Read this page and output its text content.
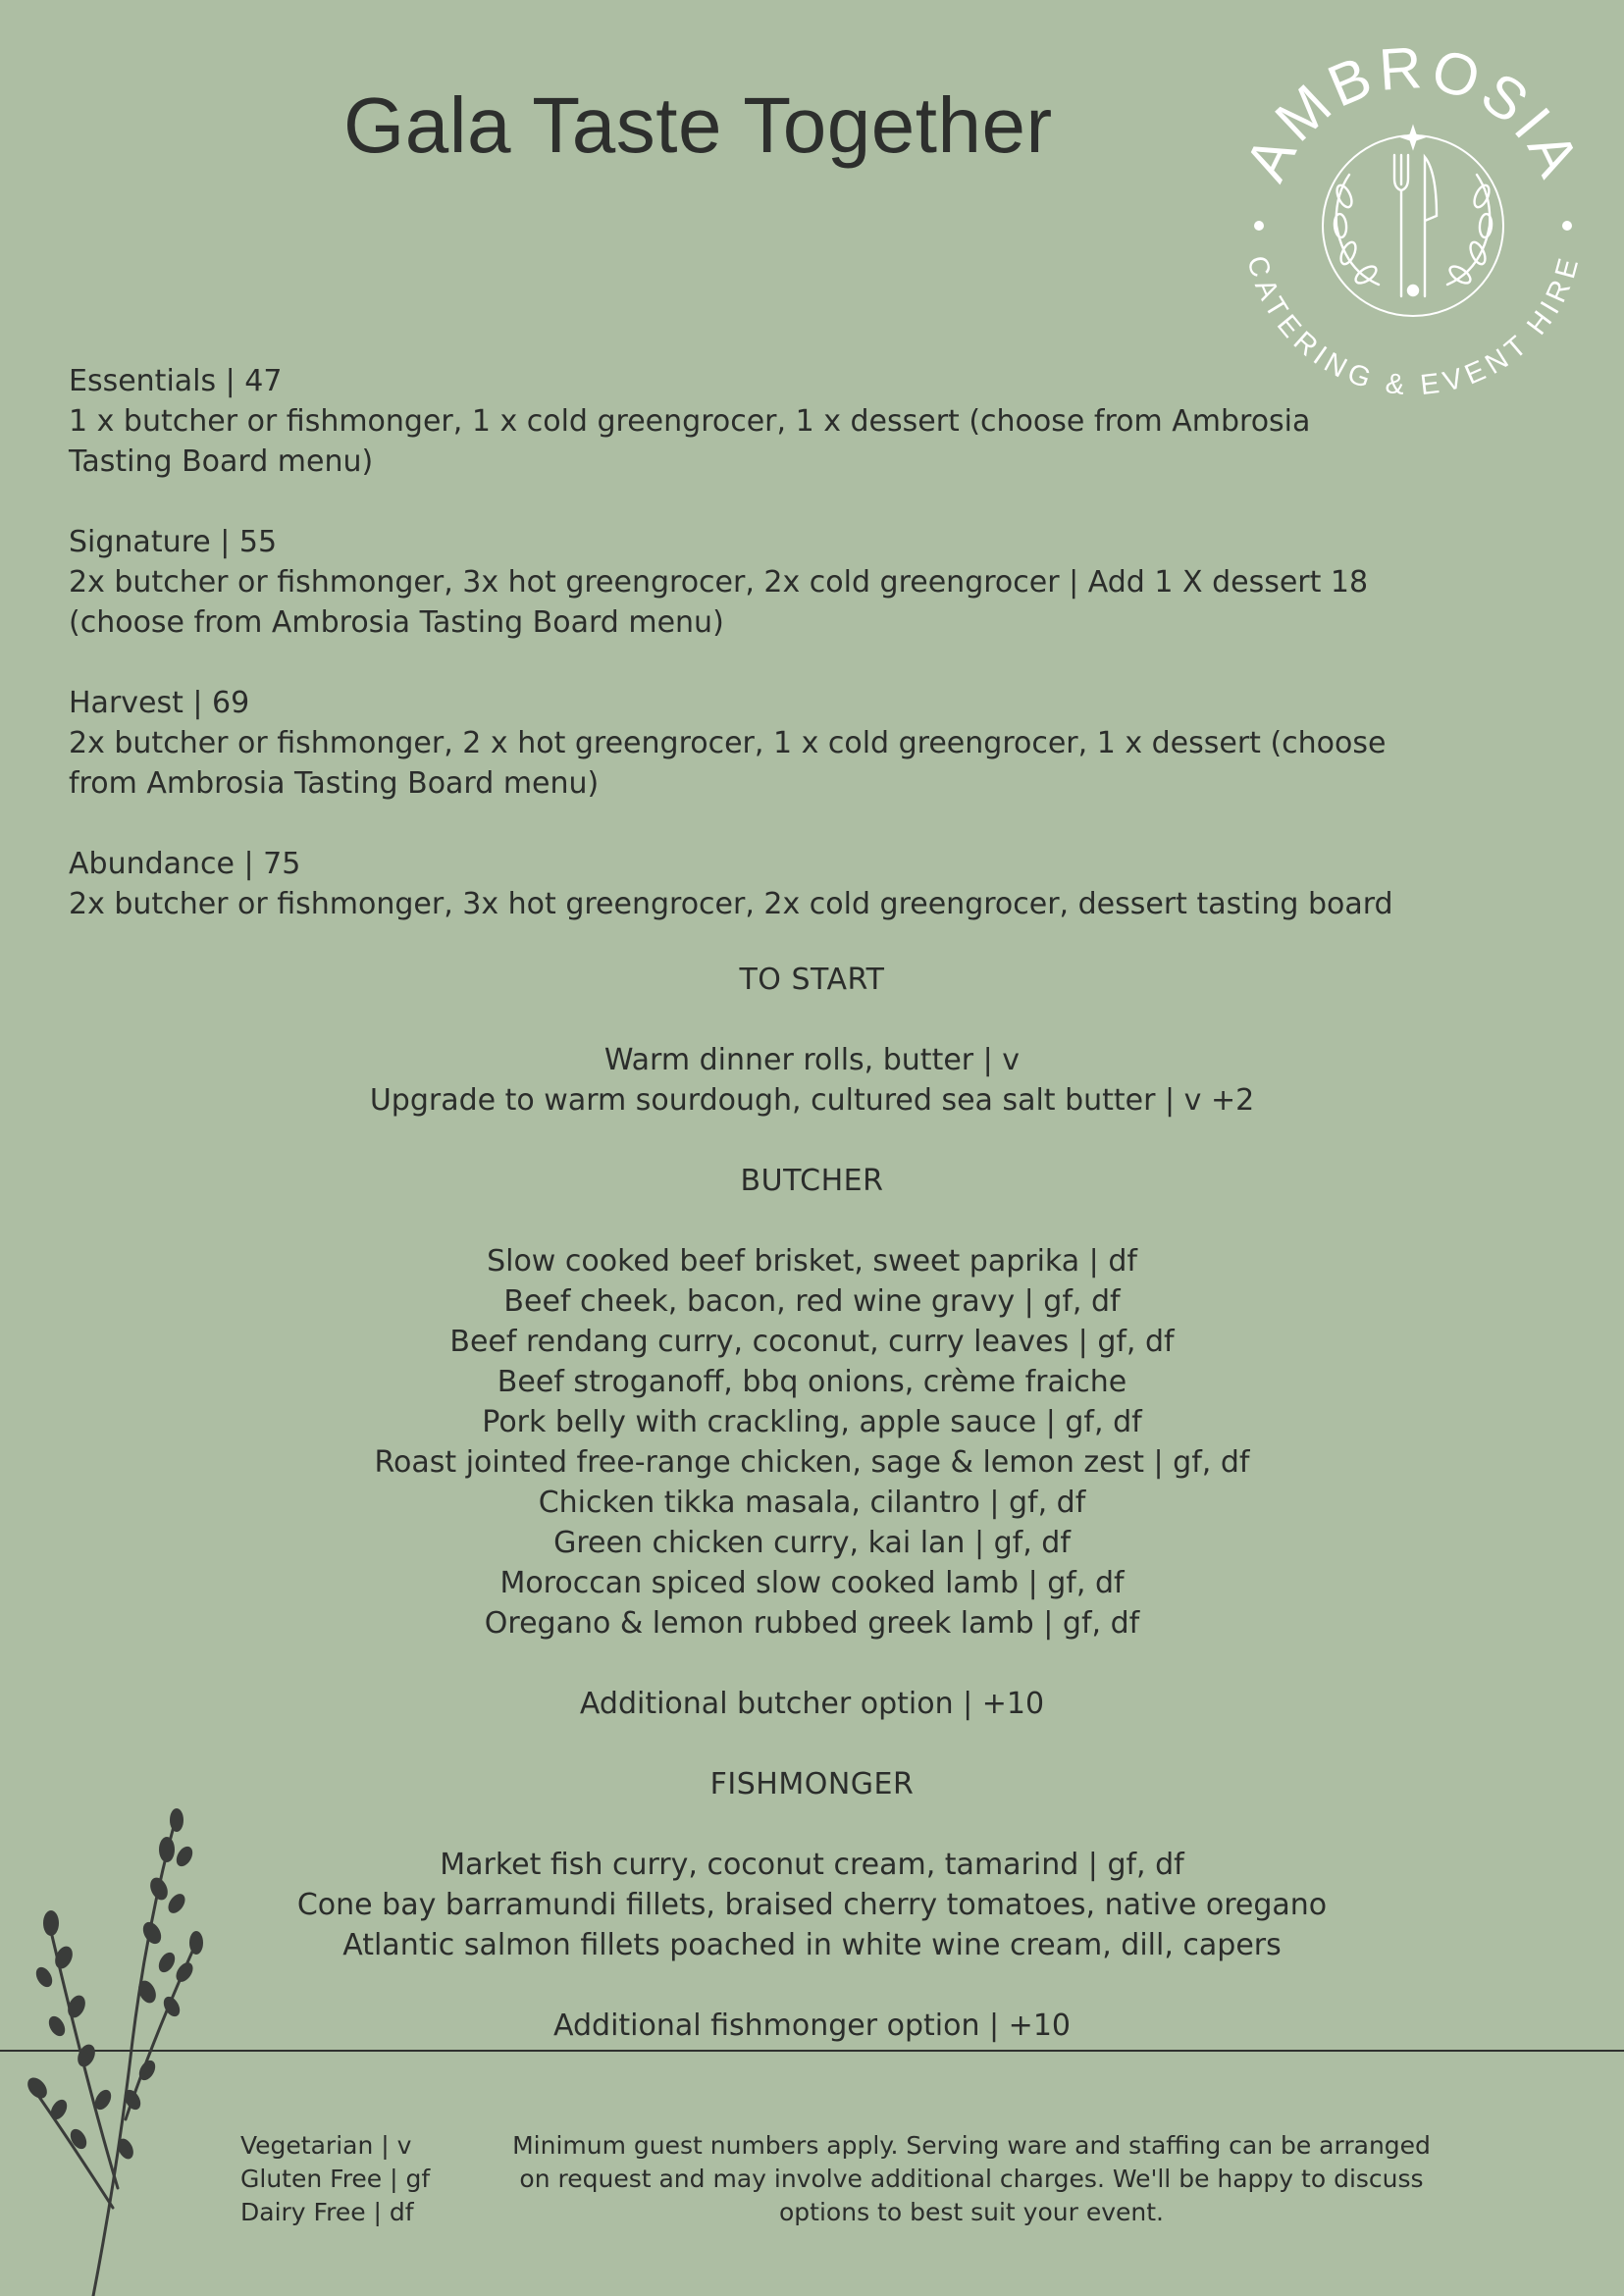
Gala Taste Together	AMBROSIA
CATERING & EVENT HIRE
Essentials | 47
1 x butcher or fishmonger, 1 x cold greengrocer, 1 x dessert (choose from Ambrosia Tasting Board menu)
Signature | 55
2x butcher or fishmonger, 3x hot greengrocer, 2x cold greengrocer | Add 1 X dessert 18 (choose from Ambrosia Tasting Board menu)
Harvest | 69
2x butcher or fishmonger, 2 x hot greengrocer, 1 x cold greengrocer, 1 x dessert (choose from Ambrosia Tasting Board menu)
Abundance | 75
2x butcher or fishmonger, 3x hot greengrocer, 2x cold greengrocer, dessert tasting board
TO START
Warm dinner rolls, butter | v
Upgrade to warm sourdough, cultured sea salt butter | v +2
BUTCHER
Slow cooked beef brisket, sweet paprika | df
Beef cheek, bacon, red wine gravy | gf, df
Beef rendang curry, coconut, curry leaves | gf, df
Beef stroganoff, bbq onions, crème fraiche
Pork belly with crackling, apple sauce | gf, df
Roast jointed free-range chicken, sage & lemon zest | gf, df
Chicken tikka masala, cilantro | gf, df
Green chicken curry, kai lan | gf, df
Moroccan spiced slow cooked lamb | gf, df
Oregano & lemon rubbed greek lamb | gf, df
Additional butcher option | +10
FISHMONGER
Market fish curry, coconut cream, tamarind | gf, df
Cone bay barramundi fillets, braised cherry tomatoes, native oregano
Atlantic salmon fillets poached in white wine cream, dill, capers
Additional fishmonger option | +10
Vegetarian | v
Gluten Free | gf
Dairy Free | df
Minimum guest numbers apply. Serving ware and staffing can be arranged on request and may involve additional charges. We'll be happy to discuss options to best suit your event.
